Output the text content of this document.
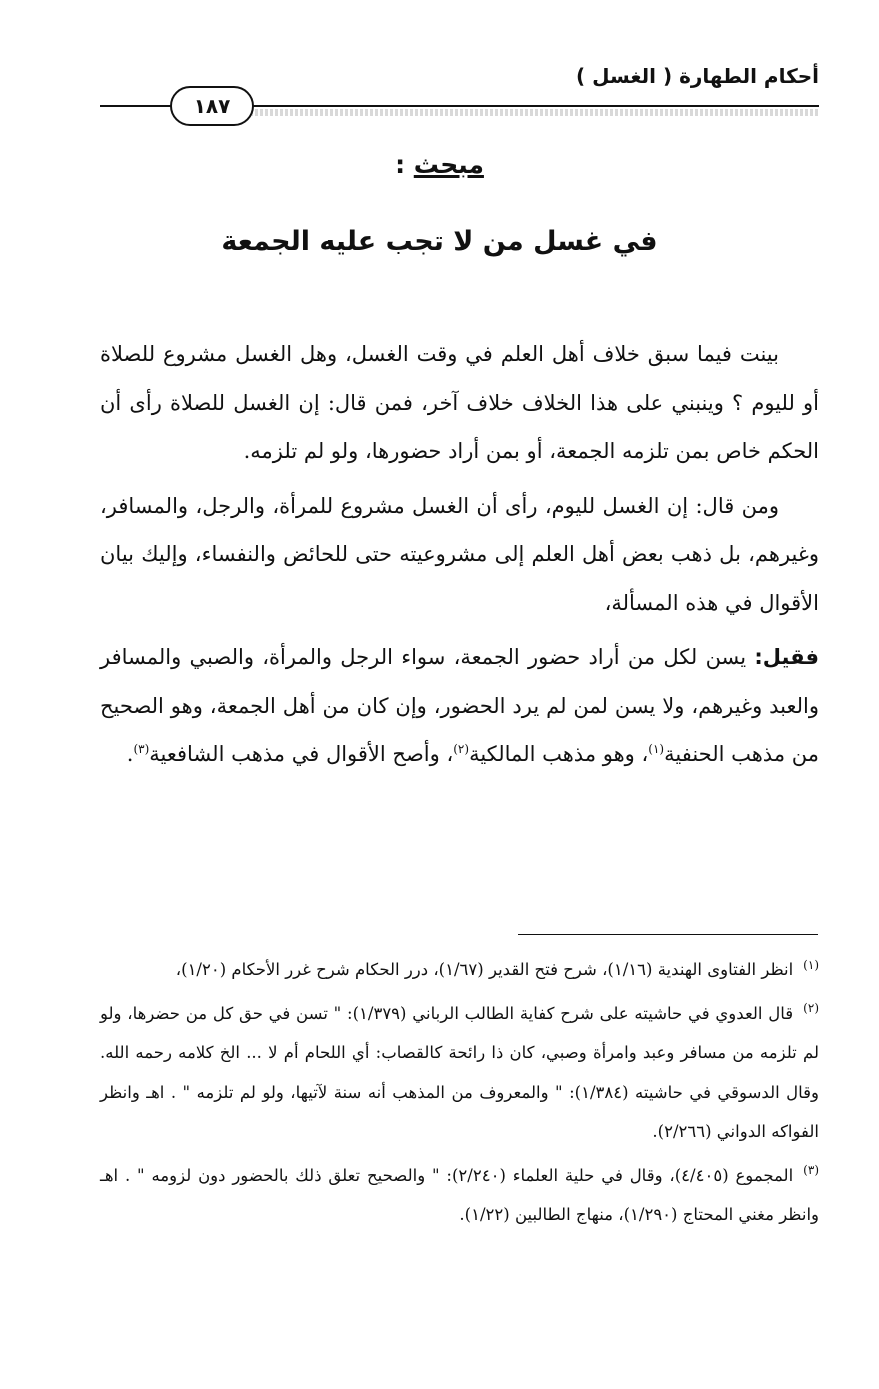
أحكام الطهارة ( الغسل )
١٨٧
مبحث :
في غسل من لا تجب عليه الجمعة

بينت فيما سبق خلاف أهل العلم في وقت الغسل، وهل الغسل مشروع للصلاة أو لليوم ؟ وينبني على هذا الخلاف خلاف آخر، فمن قال: إن الغسل للصلاة رأى أن الحكم خاص بمن تلزمه الجمعة، أو بمن أراد حضورها، ولو لم تلزمه.

ومن قال: إن الغسل لليوم، رأى أن الغسل مشروع للمرأة، والرجل، والمسافر، وغيرهم، بل ذهب بعض أهل العلم إلى مشروعيته حتى للحائض والنفساء، وإليك بيان الأقوال في هذه المسألة،

فقيل: يسن لكل من أراد حضور الجمعة، سواء الرجل والمرأة، والصبي والمسافر والعبد وغيرهم، ولا يسن لمن لم يرد الحضور، وإن كان من أهل الجمعة، وهو الصحيح من مذهب الحنفية$^{(١)}$، وهو مذهب المالكية$^{(٢)}$، وأصح الأقوال في مذهب الشافعية$^{(٣)}$.

$^{(١)}$انظر الفتاوى الهندية (١/١٦)، شرح فتح القدير (١/٦٧)، درر الحكام شرح غرر الأحكام (١/٢٠)،

$^{(٢)}$قال العدوي في حاشيته على شرح كفاية الطالب الرباني (١/٣٧٩): " تسن في حق كل من حضرها، ولو لم تلزمه من مسافر وعبد وامرأة وصبي، كان ذا رائحة كالقصاب: أي اللحام أم لا ... الخ كلامه رحمه الله. وقال الدسوقي في حاشيته (١/٣٨٤): " والمعروف من المذهب أنه سنة لآتيها، ولو لم تلزمه " . اهـ وانظر الفواكه الدواني (٢/٢٦٦).

$^{(٣)}$المجموع (٤/٤٠٥)، وقال في حلية العلماء (٢/٢٤٠): " والصحيح تعلق ذلك بالحضور دون لزومه " . اهـ وانظر مغني المحتاج (١/٢٩٠)، منهاج الطالبين (١/٢٢).
